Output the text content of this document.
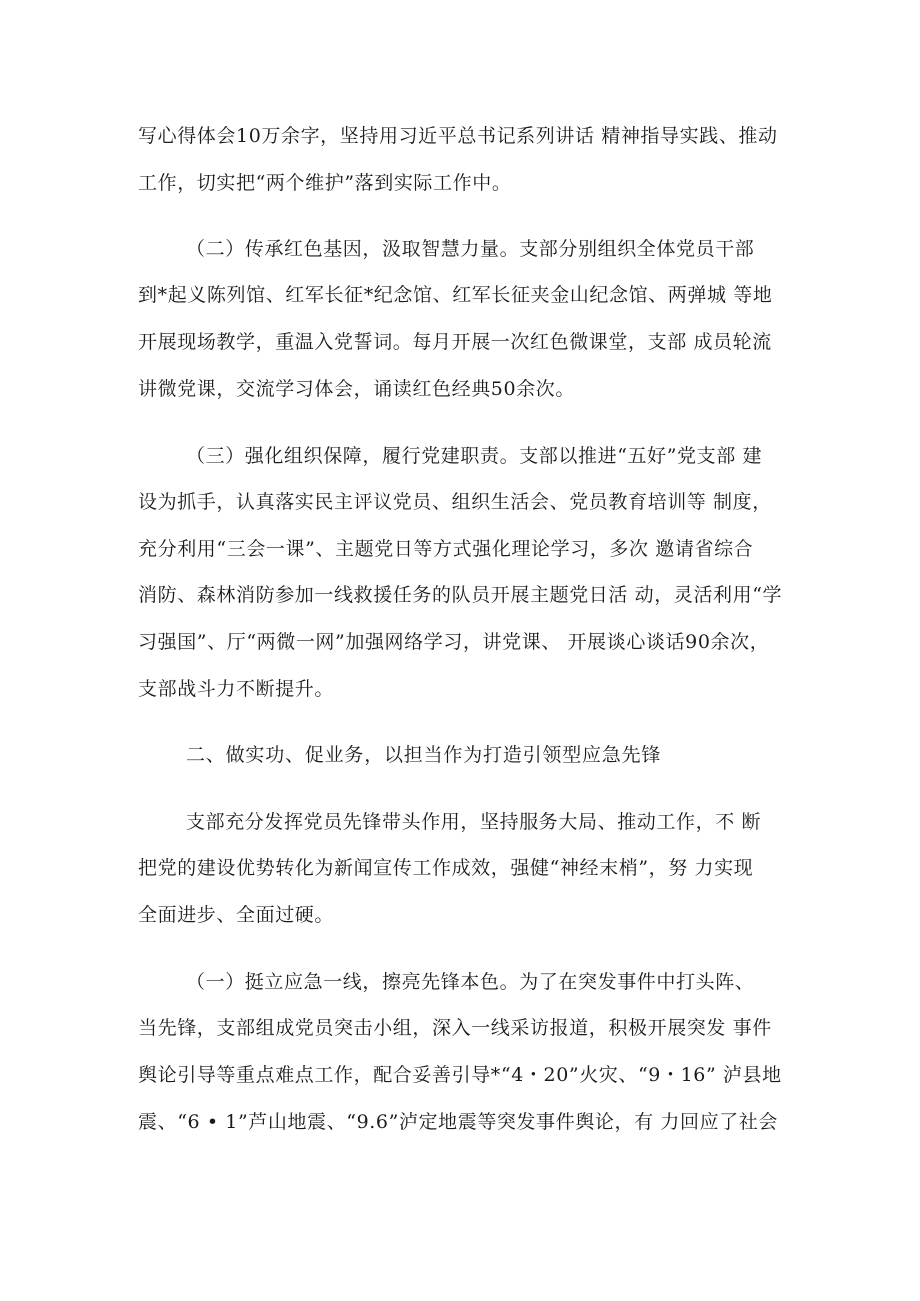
写心得体会10万余字，坚持用习近平总书记系列讲话 精神指导实践、推动
工作，切实把“两个维护”落到实际工作中。
（二）传承红色基因，汲取智慧力量。支部分别组织全体党员干部
到*起义陈列馆、红军长征*纪念馆、红军长征夹金山纪念馆、两弹城 等地
开展现场教学，重温入党誓词。每月开展一次红色微课堂，支部 成员轮流
讲微党课，交流学习体会，诵读红色经典50余次。
（三）强化组织保障，履行党建职责。支部以推进“五好”党支部 建
设为抓手，认真落实民主评议党员、组织生活会、党员教育培训等 制度，
充分利用“三会一课”、主题党日等方式强化理论学习，多次 邀请省综合
消防、森林消防参加一线救援任务的队员开展主题党日活 动，灵活利用“学
习强国”、厅“两微一网”加强网络学习，讲党课、 开展谈心谈话90余次，
支部战斗力不断提升。
二、做实功、促业务，以担当作为打造引领型应急先锋
支部充分发挥党员先锋带头作用，坚持服务大局、推动工作，不 断
把党的建设优势转化为新闻宣传工作成效，强健“神经末梢”，努 力实现
全面进步、全面过硬。
（一）挺立应急一线，擦亮先锋本色。为了在突发事件中打头阵、
当先锋，支部组成党员突击小组，深入一线采访报道，积极开展突发 事件
舆论引导等重点难点工作，配合妥善引导*“4・20”火灾、“9・16” 泸县地
震、“6 • 1”芦山地震、“9.6”泸定地震等突发事件舆论，有 力回应了社会
